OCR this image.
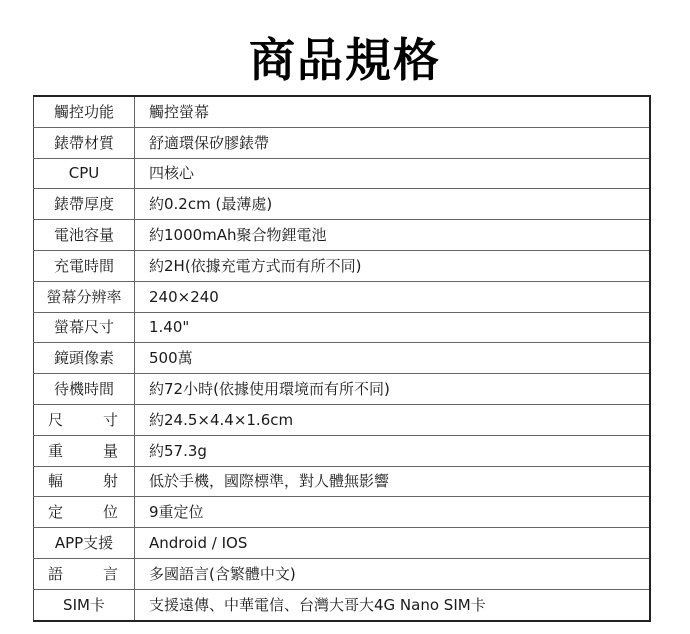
商品規格
觸控功能	觸控螢幕
錶帶材質	舒適環保矽膠錶帶
CPU	四核心
錶帶厚度	約0.2cm (最薄處)
電池容量	約1000mAh聚合物鋰電池
充電時間	約2H(依據充電方式而有所不同)
螢幕分辨率	240×240
螢幕尺寸	1.40"
鏡頭像素	500萬
待機時間	約72小時(依據使用環境而有所不同)
尺寸	約24.5×4.4×1.6cm
重量	約57.3g
輻射	低於手機，國際標準，對人體無影響
定位	9重定位
APP支援	Android / IOS
語言	多國語言(含繁體中文)
SIM卡	支援遠傳、中華電信、台灣大哥大4G Nano SIM卡
